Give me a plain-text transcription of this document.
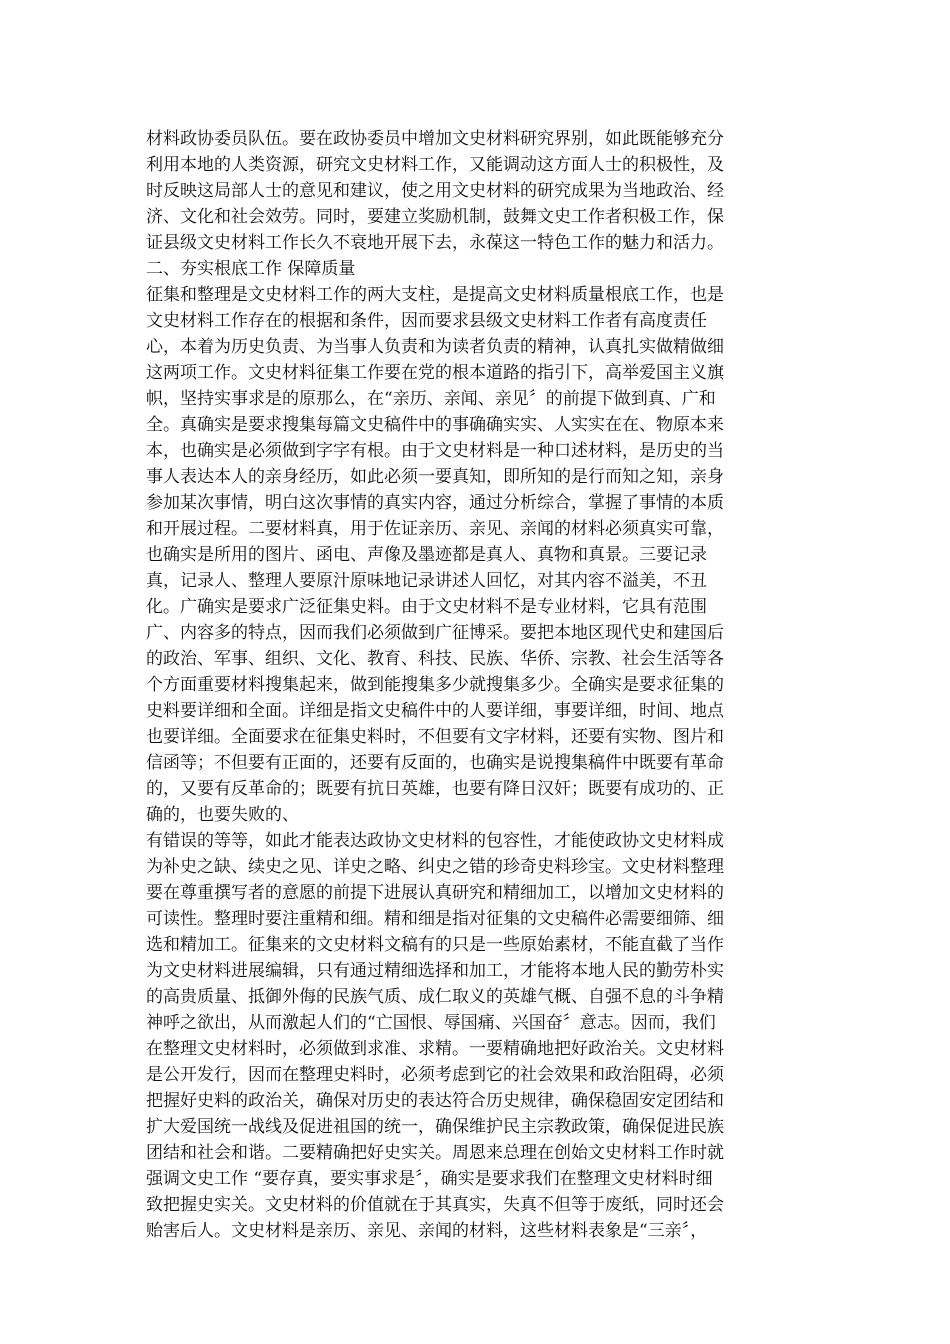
材料政协委员队伍。要在政协委员中增加文史材料研究界别，如此既能够充分
利用本地的人类资源，研究文史材料工作，又能调动这方面人士的积极性，及
时反映这局部人士的意见和建议，使之用文史材料的研究成果为当地政治、经
济、文化和社会效劳。同时，要建立奖励机制，鼓舞文史工作者积极工作，保
证县级文史材料工作长久不衰地开展下去，永葆这一特色工作的魅力和活力。
二、夯实根底工作 保障质量
征集和整理是文史材料工作的两大支柱，是提高文史材料质量根底工作，也是
文史材料工作存在的根据和条件，因而要求县级文史材料工作者有高度责任
心，本着为历史负责、为当事人负责和为读者负责的精神，认真扎实做精做细
这两项工作。文史材料征集工作要在党的根本道路的指引下，高举爱国主义旗
帜，坚持实事求是的原那么，在“亲历、亲闻、亲见〞的前提下做到真、广和
全。真确实是要求搜集每篇文史稿件中的事确确实实、人实实在在、物原本来
本，也确实是必须做到字字有根。由于文史材料是一种口述材料，是历史的当
事人表达本人的亲身经历，如此必须一要真知，即所知的是行而知之知，亲身
参加某次事情，明白这次事情的真实内容，通过分析综合，掌握了事情的本质
和开展过程。二要材料真，用于佐证亲历、亲见、亲闻的材料必须真实可靠，
也确实是所用的图片、函电、声像及墨迹都是真人、真物和真景。三要记录
真，记录人、整理人要原汁原味地记录讲述人回忆，对其内容不溢美，不丑
化。广确实是要求广泛征集史料。由于文史材料不是专业材料，它具有范围
广、内容多的特点，因而我们必须做到广征博采。要把本地区现代史和建国后
的政治、军事、组织、文化、教育、科技、民族、华侨、宗教、社会生活等各
个方面重要材料搜集起来，做到能搜集多少就搜集多少。全确实是要求征集的
史料要详细和全面。详细是指文史稿件中的人要详细，事要详细，时间、地点
也要详细。全面要求在征集史料时，不但要有文字材料，还要有实物、图片和
信函等；不但要有正面的，还要有反面的，也确实是说搜集稿件中既要有革命
的，又要有反革命的；既要有抗日英雄，也要有降日汉奸；既要有成功的、正
确的，也要失败的、
有错误的等等，如此才能表达政协文史材料的包容性，才能使政协文史材料成
为补史之缺、续史之见、详史之略、纠史之错的珍奇史料珍宝。文史材料整理
要在尊重撰写者的意愿的前提下进展认真研究和精细加工，以增加文史材料的
可读性。整理时要注重精和细。精和细是指对征集的文史稿件必需要细筛、细
选和精加工。征集来的文史材料文稿有的只是一些原始素材，不能直截了当作
为文史材料进展编辑，只有通过精细选择和加工，才能将本地人民的勤劳朴实
的高贵质量、抵御外侮的民族气质、成仁取义的英雄气概、自强不息的斗争精
神呼之欲出，从而激起人们的“亡国恨、辱国痛、兴国奋〞意志。因而，我们
在整理文史材料时，必须做到求准、求精。一要精确地把好政治关。文史材料
是公开发行，因而在整理史料时，必须考虑到它的社会效果和政治阻碍，必须
把握好史料的政治关，确保对历史的表达符合历史规律，确保稳固安定团结和
扩大爱国统一战线及促进祖国的统一，确保维护民主宗教政策，确保促进民族
团结和社会和谐。二要精确把好史实关。周恩来总理在创始文史材料工作时就
强调文史工作 “要存真，要实事求是〞，确实是要求我们在整理文史材料时细
致把握史实关。文史材料的价值就在于其真实，失真不但等于废纸，同时还会
贻害后人。文史材料是亲历、亲见、亲闻的材料，这些材料表象是“三亲〞，
